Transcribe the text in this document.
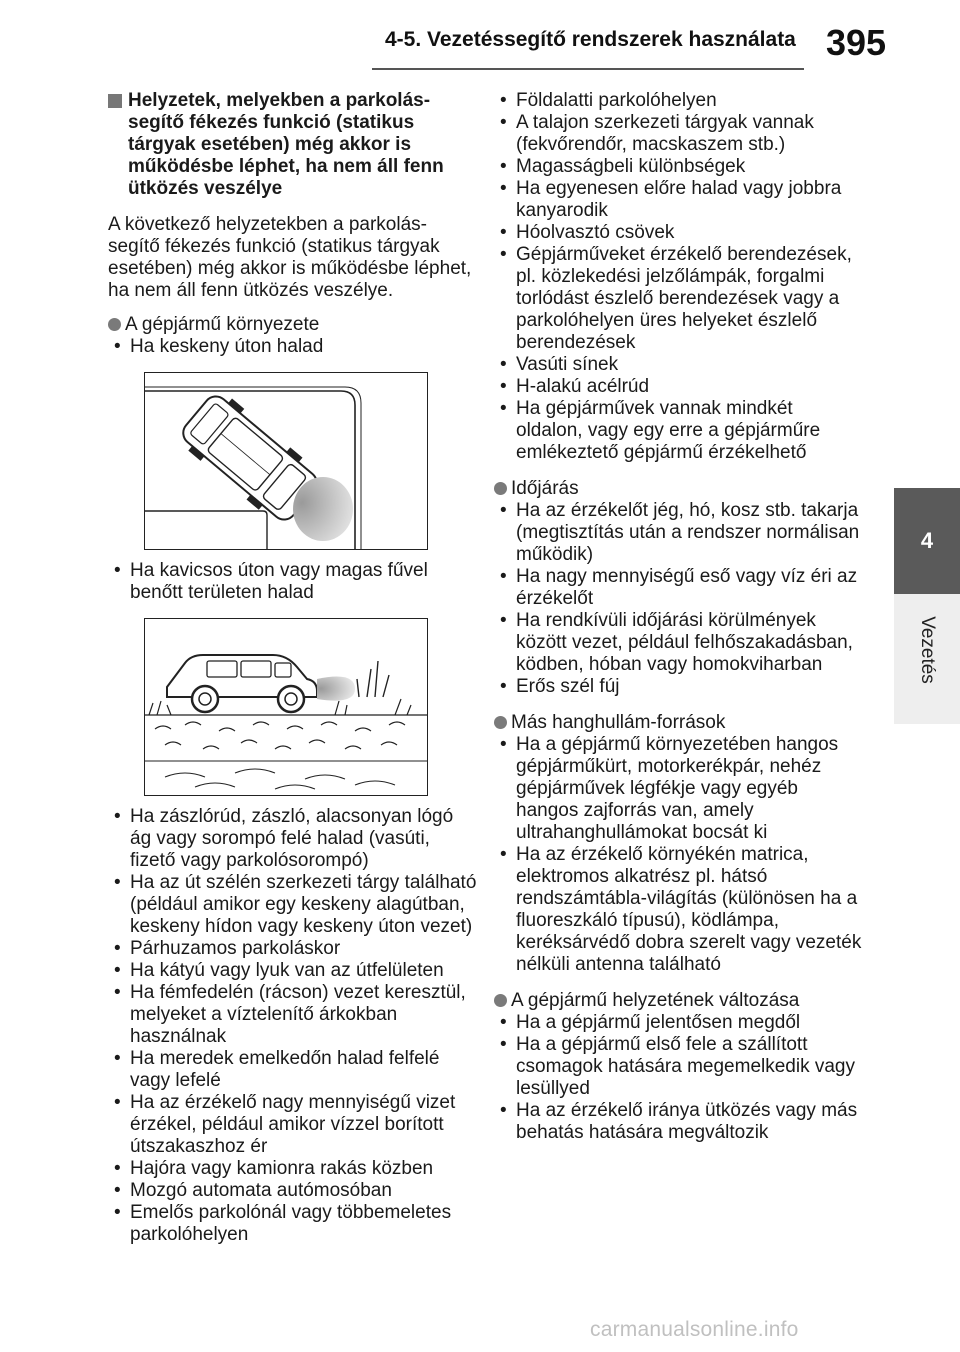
4-5. Vezetéssegítő rendszerek használata 395
4
Vezetés
Helyzetek, melyekben a parkolás-segítő fékezés funkció (statikus tárgyak esetében) még akkor is működésbe léphet, ha nem áll fenn ütközés veszélye

A következő helyzetekben a parkolás-segítő fékezés funkció (statikus tárgyak esetében) még akkor is működésbe léphet, ha nem áll fenn ütközés veszélye.

A gépjármű környezete
• Ha keskeny úton halad
• Ha kavicsos úton vagy magas fűvel benőtt területen halad
• Ha zászlórúd, zászló, alacsonyan lógó ág vagy sorompó felé halad (vasúti, fizető vagy parkolósorompó)
• Ha az út szélén szerkezeti tárgy található (például amikor egy keskeny alagútban, keskeny hídon vagy keskeny úton vezet)
• Párhuzamos parkoláskor
• Ha kátyú vagy lyuk van az útfelületen
• Ha fémfedelén (rácson) vezet keresztül, melyeket a víztelenítő árkokban használnak
• Ha meredek emelkedőn halad felfelé vagy lefelé
• Ha az érzékelő nagy mennyiségű vizet érzékel, például amikor vízzel borított útszakaszhoz ér
• Hajóra vagy kamionra rakás közben
• Mozgó automata autómosóban
• Emelős parkolónál vagy többemeletes parkolóhelyen
• Földalatti parkolóhelyen
• A talajon szerkezeti tárgyak vannak (fekvőrendőr, macskaszem stb.)
• Magasságbeli különbségek
• Ha egyenesen előre halad vagy jobbra kanyarodik
• Hóolvasztó csövek
• Gépjárműveket érzékelő berendezések, pl. közlekedési jelzőlámpák, forgalmi torlódást észlelő berendezések vagy a parkolóhelyen üres helyeket észlelő berendezések
• Vasúti sínek
• H-alakú acélrúd
• Ha gépjárművek vannak mindkét oldalon, vagy egy erre a gépjárműre emlékeztető gépjármű érzékelhető
Időjárás
• Ha az érzékelőt jég, hó, kosz stb. takarja (megtisztítás után a rendszer normálisan működik)
• Ha nagy mennyiségű eső vagy víz éri az érzékelőt
• Ha rendkívüli időjárási körülmények között vezet, például felhőszakadásban, ködben, hóban vagy homokviharban
• Erős szél fúj
Más hanghullám-források
• Ha a gépjármű környezetében hangos gépjárműkürt, motorkerékpár, nehéz gépjárművek légfékje vagy egyéb hangos zajforrás van, amely ultrahanghullámokat bocsát ki
• Ha az érzékelő környékén matrica, elektromos alkatrész pl. hátsó rendszámtábla-világítás (különösen ha a fluoreszkáló típusú), ködlámpa, keréksárvédő dobra szerelt vagy vezeték nélküli antenna található
A gépjármű helyzetének változása
• Ha a gépjármű jelentősen megdől
• Ha a gépjármű első fele a szállított csomagok hatására megemelkedik vagy lesüllyed
• Ha az érzékelő iránya ütközés vagy más behatás hatására megváltozik
carmanualsonline.info
